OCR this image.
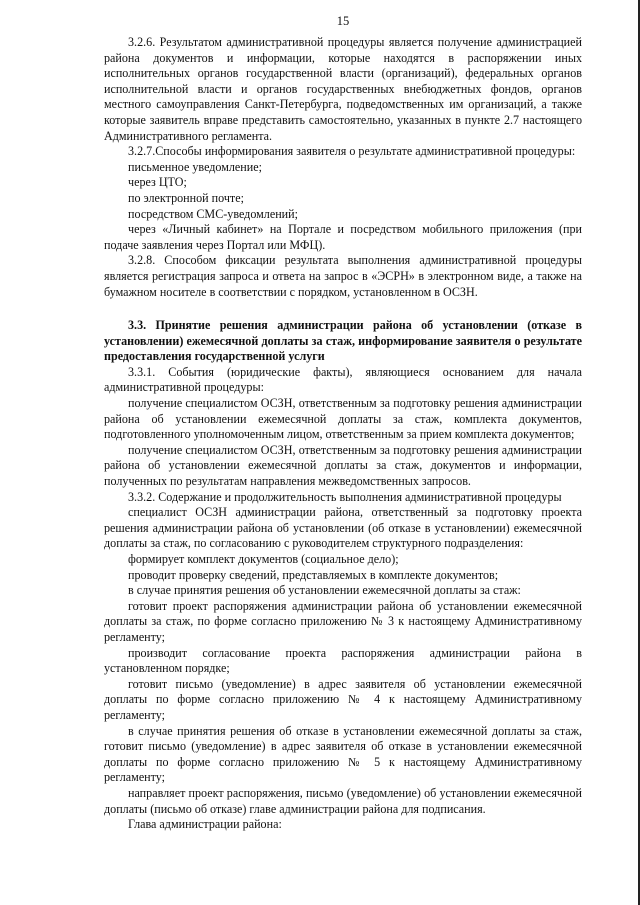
15

3.2.6. Результатом административной процедуры является получение администрацией района документов и информации, которые находятся в распоряжении иных исполнительных органов государственной власти (организаций), федеральных органов исполнительной власти и органов государственных внебюджетных фондов, органов местного самоуправления Санкт-Петербурга, подведомственных им организаций, а также которые заявитель вправе представить самостоятельно, указанных в пункте 2.7 настоящего Административного регламента.

3.2.7.Способы информирования заявителя о результате административной процедуры:

письменное уведомление;

через ЦТО;

по электронной почте;

посредством СМС-уведомлений;

через «Личный кабинет» на Портале и посредством мобильного приложения (при подаче заявления через Портал или МФЦ).

3.2.8. Способом фиксации результата выполнения административной процедуры является регистрация запроса и ответа на запрос в «ЭСРН» в электронном виде, а также на бумажном носителе в соответствии с порядком, установленном в ОСЗН.

3.3. Принятие решения администрации района об установлении (отказе в установлении) ежемесячной доплаты за стаж, информирование заявителя о результате предоставления государственной услуги

3.3.1. События (юридические факты), являющиеся основанием для начала административной процедуры:

получение специалистом ОСЗН, ответственным за подготовку решения администрации района об установлении ежемесячной доплаты за стаж, комплекта документов, подготовленного уполномоченным лицом, ответственным за прием комплекта документов;

получение специалистом ОСЗН, ответственным за подготовку решения администрации района об установлении ежемесячной доплаты за стаж, документов и информации, полученных по результатам направления межведомственных запросов.

3.3.2. Содержание и продолжительность выполнения административной процедуры

специалист ОСЗН администрации района, ответственный за подготовку проекта решения администрации района об установлении (об отказе в установлении) ежемесячной доплаты за стаж, по согласованию с руководителем структурного подразделения:

формирует комплект документов (социальное дело);

проводит проверку сведений, представляемых в комплекте документов;

в случае принятия решения об установлении ежемесячной доплаты за стаж:

готовит проект распоряжения администрации района об установлении ежемесячной доплаты за стаж, по форме согласно приложению № 3 к настоящему Административному регламенту;

производит согласование проекта распоряжения администрации района в установленном порядке;

готовит письмо (уведомление) в адрес заявителя об установлении ежемесячной доплаты по форме согласно приложению № 4 к настоящему Административному регламенту;

в случае принятия решения об отказе в установлении ежемесячной доплаты за стаж, готовит письмо (уведомление) в адрес заявителя об отказе в установлении ежемесячной доплаты по форме согласно приложению № 5 к настоящему Административному регламенту;

направляет проект распоряжения, письмо (уведомление) об установлении ежемесячной доплаты (письмо об отказе) главе администрации района для подписания.

Глава администрации района:
